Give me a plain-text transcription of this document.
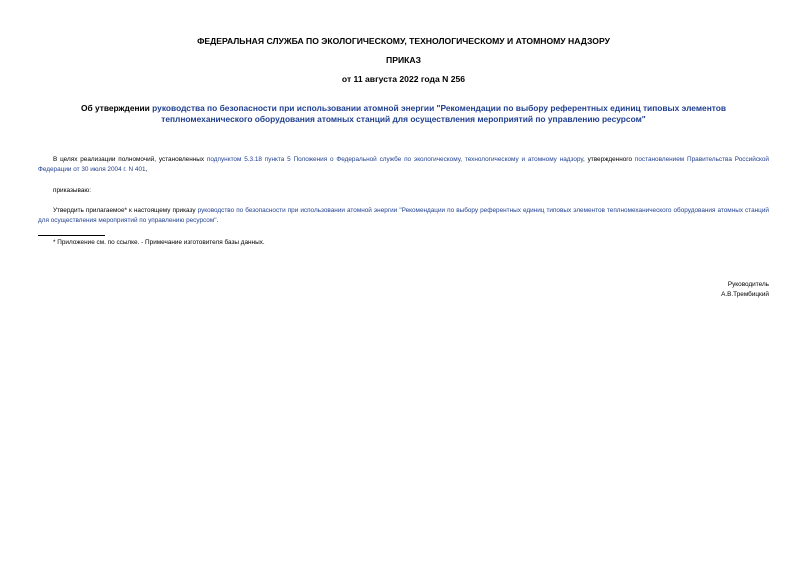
ФЕДЕРАЛЬНАЯ СЛУЖБА ПО ЭКОЛОГИЧЕСКОМУ, ТЕХНОЛОГИЧЕСКОМУ И АТОМНОМУ НАДЗОРУ
ПРИКАЗ
от 11 августа 2022 года N 256
Об утверждении руководства по безопасности при использовании атомной энергии "Рекомендации по выбору референтных единиц типовых элементов теплномеханического оборудования атомных станций для осуществления мероприятий по управлению ресурсом"
В целях реализации полномочий, установленных подпунктом 5.3.18 пункта 5 Положения о Федеральной службе по экологическому, технологическому и атомному надзору, утвержденного постановлением Правительства Российской Федерации от 30 июля 2004 г. N 401,
приказываю:
Утвердить прилагаемое* к настоящему приказу руководство по безопасности при использовании атомной энергии "Рекомендации по выбору референтных единиц типовых элементов теплномеханического оборудования атомных станций для осуществления мероприятий по управлению ресурсом".
* Приложение см. по ссылке. - Примечание изготовителя базы данных.
Руководитель
А.В.Трембицкий
